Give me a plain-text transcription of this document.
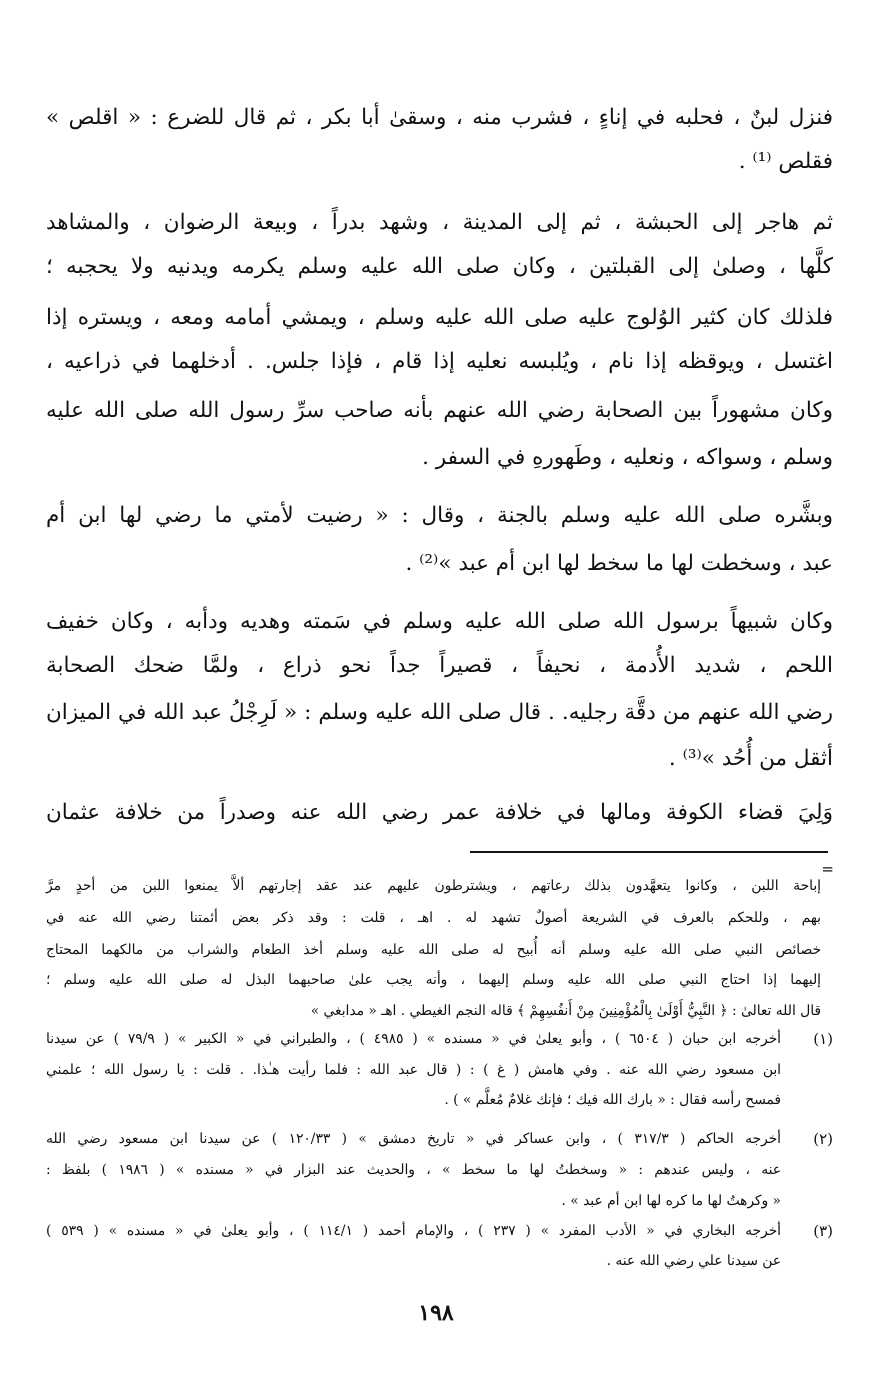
فنزل لبنٌ ، فحلبه في إناءٍ ، فشرب منه ، وسقىٰ أبا بكر ، ثم قال للضرع : « اقلص »
فقلص ⁽¹⁾ .
ثم هاجر إلى الحبشة ، ثم إلى المدينة ، وشهد بدراً ، وبيعة الرضوان ، والمشاهد
كلَّها ، وصلىٰ إلى القبلتين ، وكان صلى الله عليه وسلم يكرمه ويدنيه ولا يحجبه ؛
فلذلك كان كثير الوُلوج عليه صلى الله عليه وسلم ، ويمشي أمامه ومعه ، ويستره إذا
اغتسل ، ويوقظه إذا نام ، ويُلبسه نعليه إذا قام ، فإذا جلس. . أدخلهما في ذراعيه ،
وكان مشهوراً بين الصحابة رضي الله عنهم بأنه صاحب سرِّ رسول الله صلى الله عليه
وسلم ، وسواكه ، ونعليه ، وطَهورهِ في السفر .
وبشَّره صلى الله عليه وسلم بالجنة ، وقال : « رضيت لأمتي ما رضي لها ابن أم
عبد ، وسخطت لها ما سخط لها ابن أم عبد »⁽²⁾ .
وكان شبيهاً برسول الله صلى الله عليه وسلم في سَمته وهديه ودأبه ، وكان خفيف
اللحم ، شديد الأُدمة ، نحيفاً ، قصيراً جداً نحو ذراع ، ولمَّا ضحك الصحابة
رضي الله عنهم من دقَّة رجليه. . قال صلى الله عليه وسلم : « لَرِجْلُ عبد الله في الميزان
أثقل من أُحُد »⁽³⁾ .
وَلِيَ قضاء الكوفة ومالها في خلافة عمر رضي الله عنه وصدراً من خلافة عثمان
=
إباحة اللبن ، وكانوا يتعهَّدون بذلك رعاتهم ، ويشترطون عليهم عند عقد إجارتهم ألاَّ يمنعوا اللبن من أحدٍ مرَّ
بهم ، وللحكم بالعرف في الشريعة أصولٌ تشهد له . اهـ ، قلت : وقد ذكر بعض أئمتنا رضي الله عنه في
خصائص النبي صلى الله عليه وسلم أنه أُبيح له صلى الله عليه وسلم أخذ الطعام والشراب من مالكهما المحتاج
إليهما إذا احتاج النبي صلى الله عليه وسلم إليهما ، وأنه يجب علىٰ صاحبهما البذل له صلى الله عليه وسلم ؛
قال الله تعالىٰ : ﴿ النَّبِيُّ أَوْلَىٰ بِالْمُؤْمِنِينَ مِنْ أَنفُسِهِمْ ﴾ قاله النجم الغيطي . اهـ « مدابغي »
(١)
أخرجه ابن حبان ( ٦٥٠٤ ) ، وأبو يعلىٰ في « مسنده » ( ٤٩٨٥ ) ، والطبراني في « الكبير » ( ٧٩/٩ ) عن سيدنا
ابن مسعود رضي الله عنه . وفي هامش ( غ ) : ( قال عبد الله : فلما رأيت هـٰذا. . قلت : يا رسول الله ؛ علمني
فمسح رأسه فقال : « بارك الله فيك ؛ فإنك غلامٌ مُعلَّم » ) .
(٢)
أخرجه الحاكم ( ٣١٧/٣ ) ، وابن عساكر في « تاريخ دمشق » ( ١٢٠/٣٣ ) عن سيدنا ابن مسعود رضي الله
عنه ، وليس عندهم : « وسخطتُ لها ما سخط » ، والحديث عند البزار في « مسنده » ( ١٩٨٦ ) بلفظ :
« وكرهتُ لها ما كره لها ابن أم عبد » .
(٣)
أخرجه البخاري في « الأدب المفرد » ( ٢٣٧ ) ، والإمام أحمد ( ١١٤/١ ) ، وأبو يعلىٰ في « مسنده » ( ٥٣٩ )
عن سيدنا علي رضي الله عنه .
١٩٨
